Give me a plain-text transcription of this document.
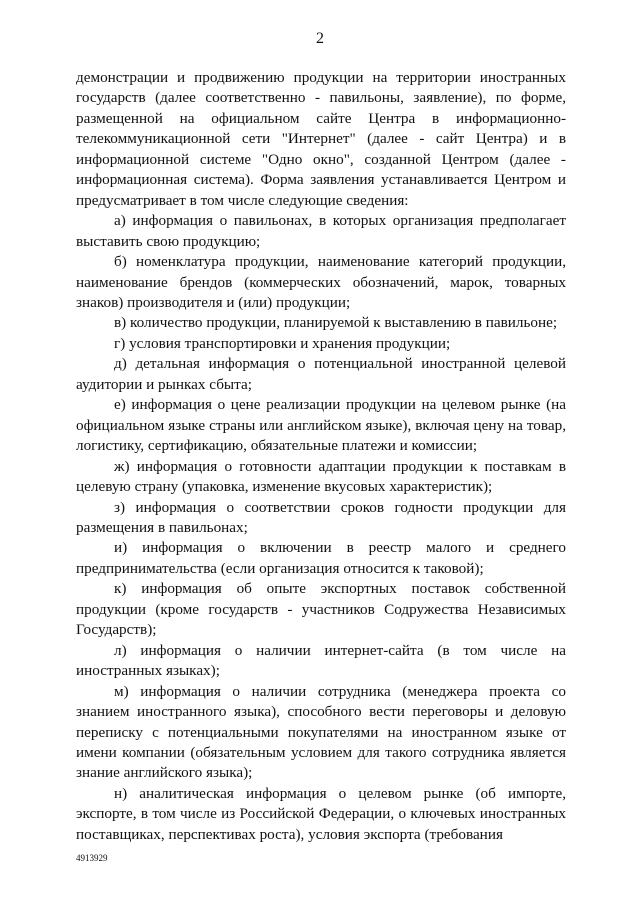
2

демонстрации и продвижению продукции на территории иностранных государств (далее соответственно - павильоны, заявление), по форме, размещенной на официальном сайте Центра в информационно-телекоммуникационной сети "Интернет" (далее - сайт Центра) и в информационной системе "Одно окно", созданной Центром (далее - информационная система). Форма заявления устанавливается Центром и предусматривает в том числе следующие сведения:

а) информация о павильонах, в которых организация предполагает выставить свою продукцию;

б) номенклатура продукции, наименование категорий продукции, наименование брендов (коммерческих обозначений, марок, товарных знаков) производителя и (или) продукции;

в) количество продукции, планируемой к выставлению в павильоне;

г) условия транспортировки и хранения продукции;

д) детальная информация о потенциальной иностранной целевой аудитории и рынках сбыта;

е) информация о цене реализации продукции на целевом рынке (на официальном языке страны или английском языке), включая цену на товар, логистику, сертификацию, обязательные платежи и комиссии;

ж) информация о готовности адаптации продукции к поставкам в целевую страну (упаковка, изменение вкусовых характеристик);

з) информация о соответствии сроков годности продукции для размещения в павильонах;

и) информация о включении в реестр малого и среднего предпринимательства (если организация относится к таковой);

к) информация об опыте экспортных поставок собственной продукции (кроме государств - участников Содружества Независимых Государств);

л) информация о наличии интернет-сайта (в том числе на иностранных языках);

м) информация о наличии сотрудника (менеджера проекта со знанием иностранного языка), способного вести переговоры и деловую переписку с потенциальными покупателями на иностранном языке от имени компании (обязательным условием для такого сотрудника является знание английского языка);

н) аналитическая информация о целевом рынке (об импорте, экспорте, в том числе из Российской Федерации, о ключевых иностранных поставщиках, перспективах роста), условия экспорта (требования

4913929
